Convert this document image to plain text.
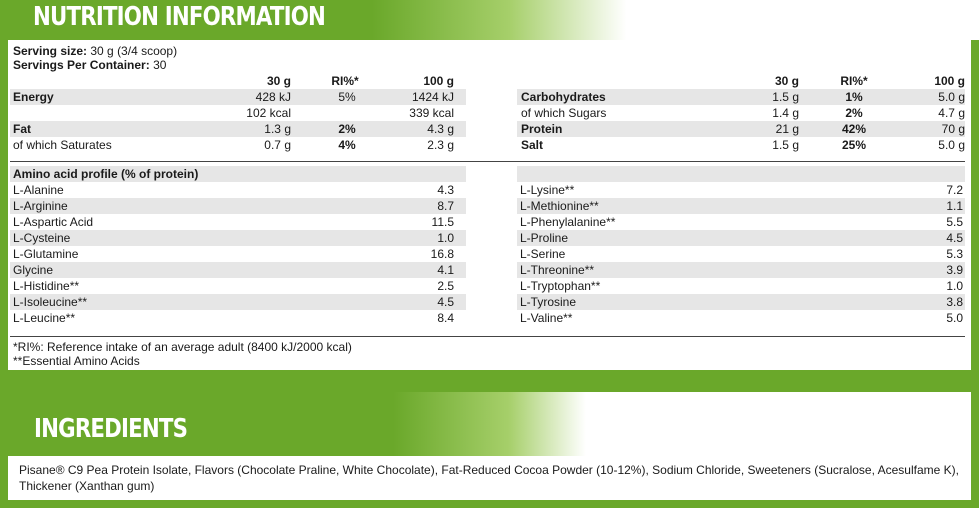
NUTRITION INFORMATION
Serving size: 30 g (3/4 scoop)
Servings Per Container: 30
30 g	RI%*	100 g	30 g	RI%*	100 g
Energy	428 kJ	5%	1424 kJ
102 kcal	339 kcal
Fat	1.3 g	2%	4.3 g
of which Saturates	0.7 g	4%	2.3 g
Carbohydrates	1.5 g	1%	5.0 g
of which Sugars	1.4 g	2%	4.7 g
Protein	21 g	42%	70 g
Salt	1.5 g	25%	5.0 g
Amino acid profile (% of protein)
L-Alanine	4.3
L-Arginine	8.7
L-Aspartic Acid	11.5
L-Cysteine	1.0
L-Glutamine	16.8
Glycine	4.1
L-Histidine**	2.5
L-Isoleucine**	4.5
L-Leucine**	8.4
L-Lysine**	7.2
L-Methionine**	1.1
L-Phenylalanine**	5.5
L-Proline	4.5
L-Serine	5.3
L-Threonine**	3.9
L-Tryptophan**	1.0
L-Tyrosine	3.8
L-Valine**	5.0
*RI%: Reference intake of an average adult (8400 kJ/2000 kcal)
**Essential Amino Acids
INGREDIENTS
Pisane® C9 Pea Protein Isolate, Flavors (Chocolate Praline, White Chocolate), Fat-Reduced Cocoa Powder (10-12%), Sodium Chloride, Sweeteners (Sucralose, Acesulfame K), Thickener (Xanthan gum)
